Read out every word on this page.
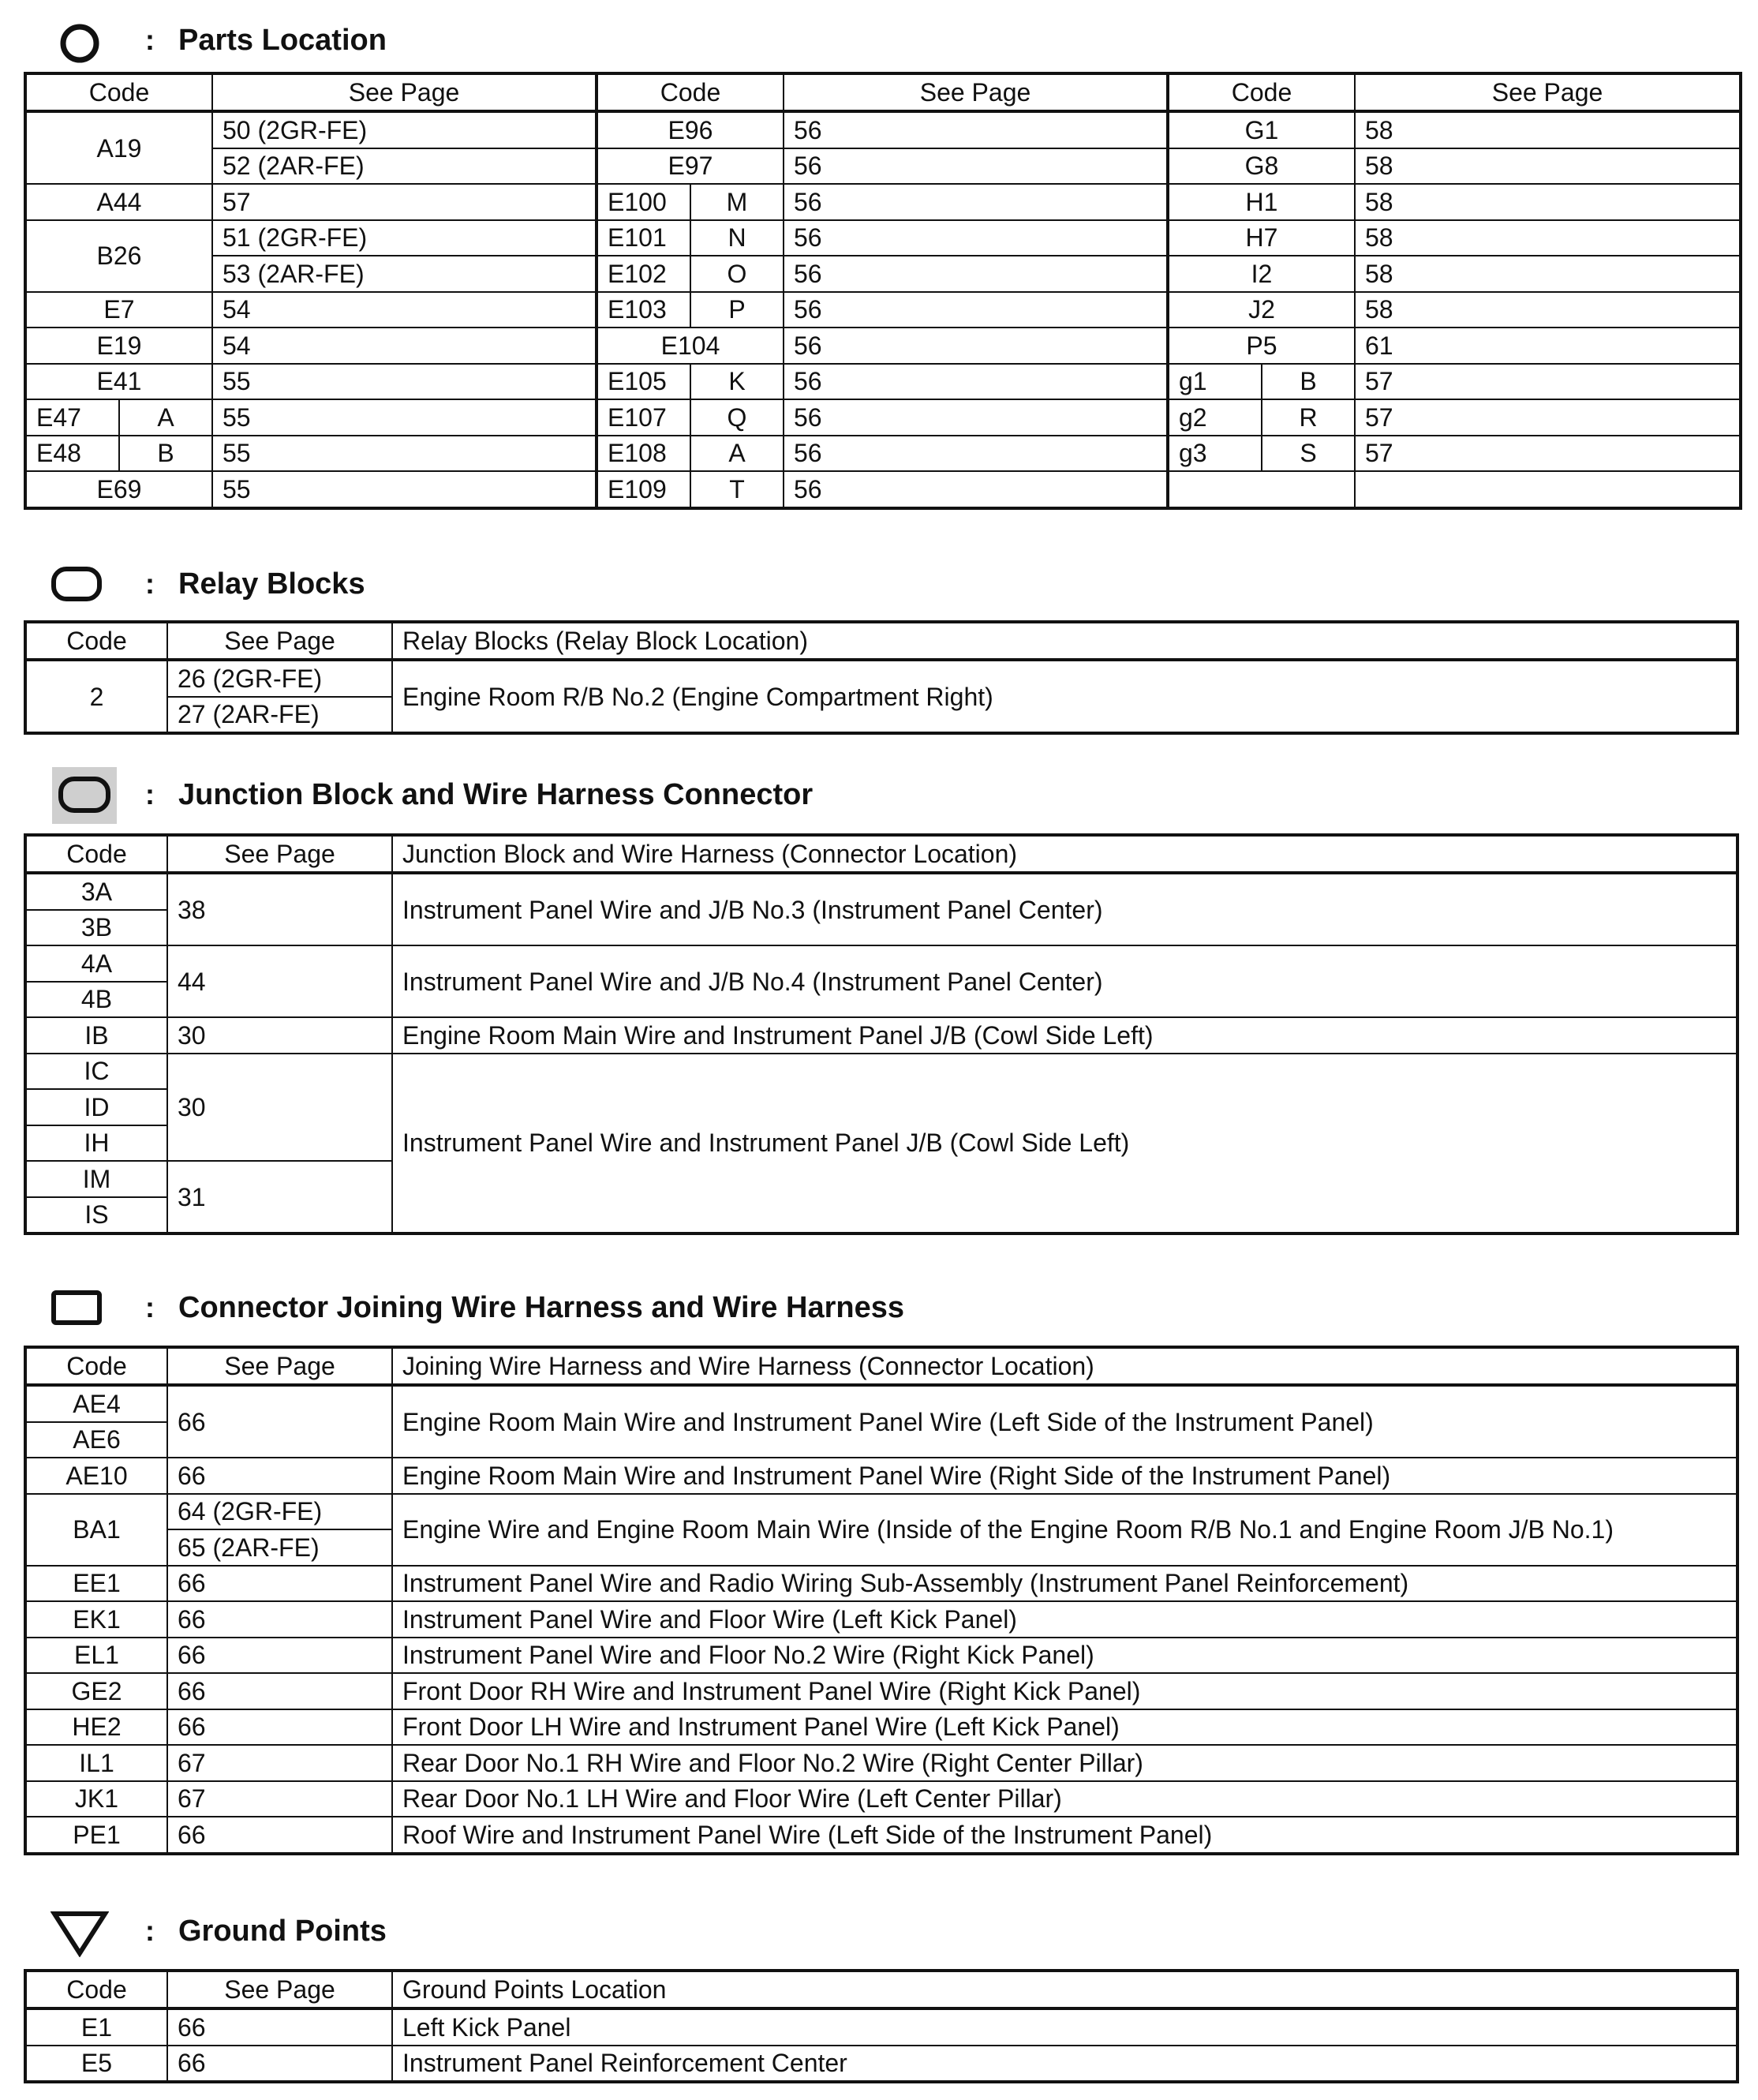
: Parts Location
Code		See Page	Code		See Page	Code		See Page
A19		50 (2GR-FE)	E96		56	G1		58
		52 (2AR-FE)	E97		56	G8		58
A44		57	E100	M	56	H1		58
B26		51 (2GR-FE)	E101	N	56	H7		58
		53 (2AR-FE)	E102	O	56	I2		58
E7		54	E103	P	56	J2		58
E19		54	E104		56	P5		61
E41		55	E105	K	56	g1	B	57
E47	A	55	E107	Q	56	g2	R	57
E48	B	55	E108	A	56	g3	S	57
E69		55	E109	T	56			
: Relay Blocks
Code	See Page	Relay Blocks (Relay Block Location)
2	26 (2GR-FE)	Engine Room R/B No.2 (Engine Compartment Right)
	27 (2AR-FE)	
: Junction Block and Wire Harness Connector
Code	See Page	Junction Block and Wire Harness (Connector Location)
3A	38	Instrument Panel Wire and J/B No.3 (Instrument Panel Center)
3B		
4A	44	Instrument Panel Wire and J/B No.4 (Instrument Panel Center)
4B		
IB	30	Engine Room Main Wire and Instrument Panel J/B (Cowl Side Left)
IC	30	Instrument Panel Wire and Instrument Panel J/B (Cowl Side Left)
ID		
IH		
IM	31	
IS		
: Connector Joining Wire Harness and Wire Harness
Code	See Page	Joining Wire Harness and Wire Harness (Connector Location)
AE4	66	Engine Room Main Wire and Instrument Panel Wire (Left Side of the Instrument Panel)
AE6		
AE10	66	Engine Room Main Wire and Instrument Panel Wire (Right Side of the Instrument Panel)
BA1	64 (2GR-FE)	Engine Wire and Engine Room Main Wire (Inside of the Engine Room R/B No.1 and Engine Room J/B No.1)
	65 (2AR-FE)	
EE1	66	Instrument Panel Wire and Radio Wiring Sub-Assembly (Instrument Panel Reinforcement)
EK1	66	Instrument Panel Wire and Floor Wire (Left Kick Panel)
EL1	66	Instrument Panel Wire and Floor No.2 Wire (Right Kick Panel)
GE2	66	Front Door RH Wire and Instrument Panel Wire (Right Kick Panel)
HE2	66	Front Door LH Wire and Instrument Panel Wire (Left Kick Panel)
IL1	67	Rear Door No.1 RH Wire and Floor No.2 Wire (Right Center Pillar)
JK1	67	Rear Door No.1 LH Wire and Floor Wire (Left Center Pillar)
PE1	66	Roof Wire and Instrument Panel Wire (Left Side of the Instrument Panel)
: Ground Points
Code	See Page	Ground Points Location
E1	66	Left Kick Panel
E5	66	Instrument Panel Reinforcement Center
